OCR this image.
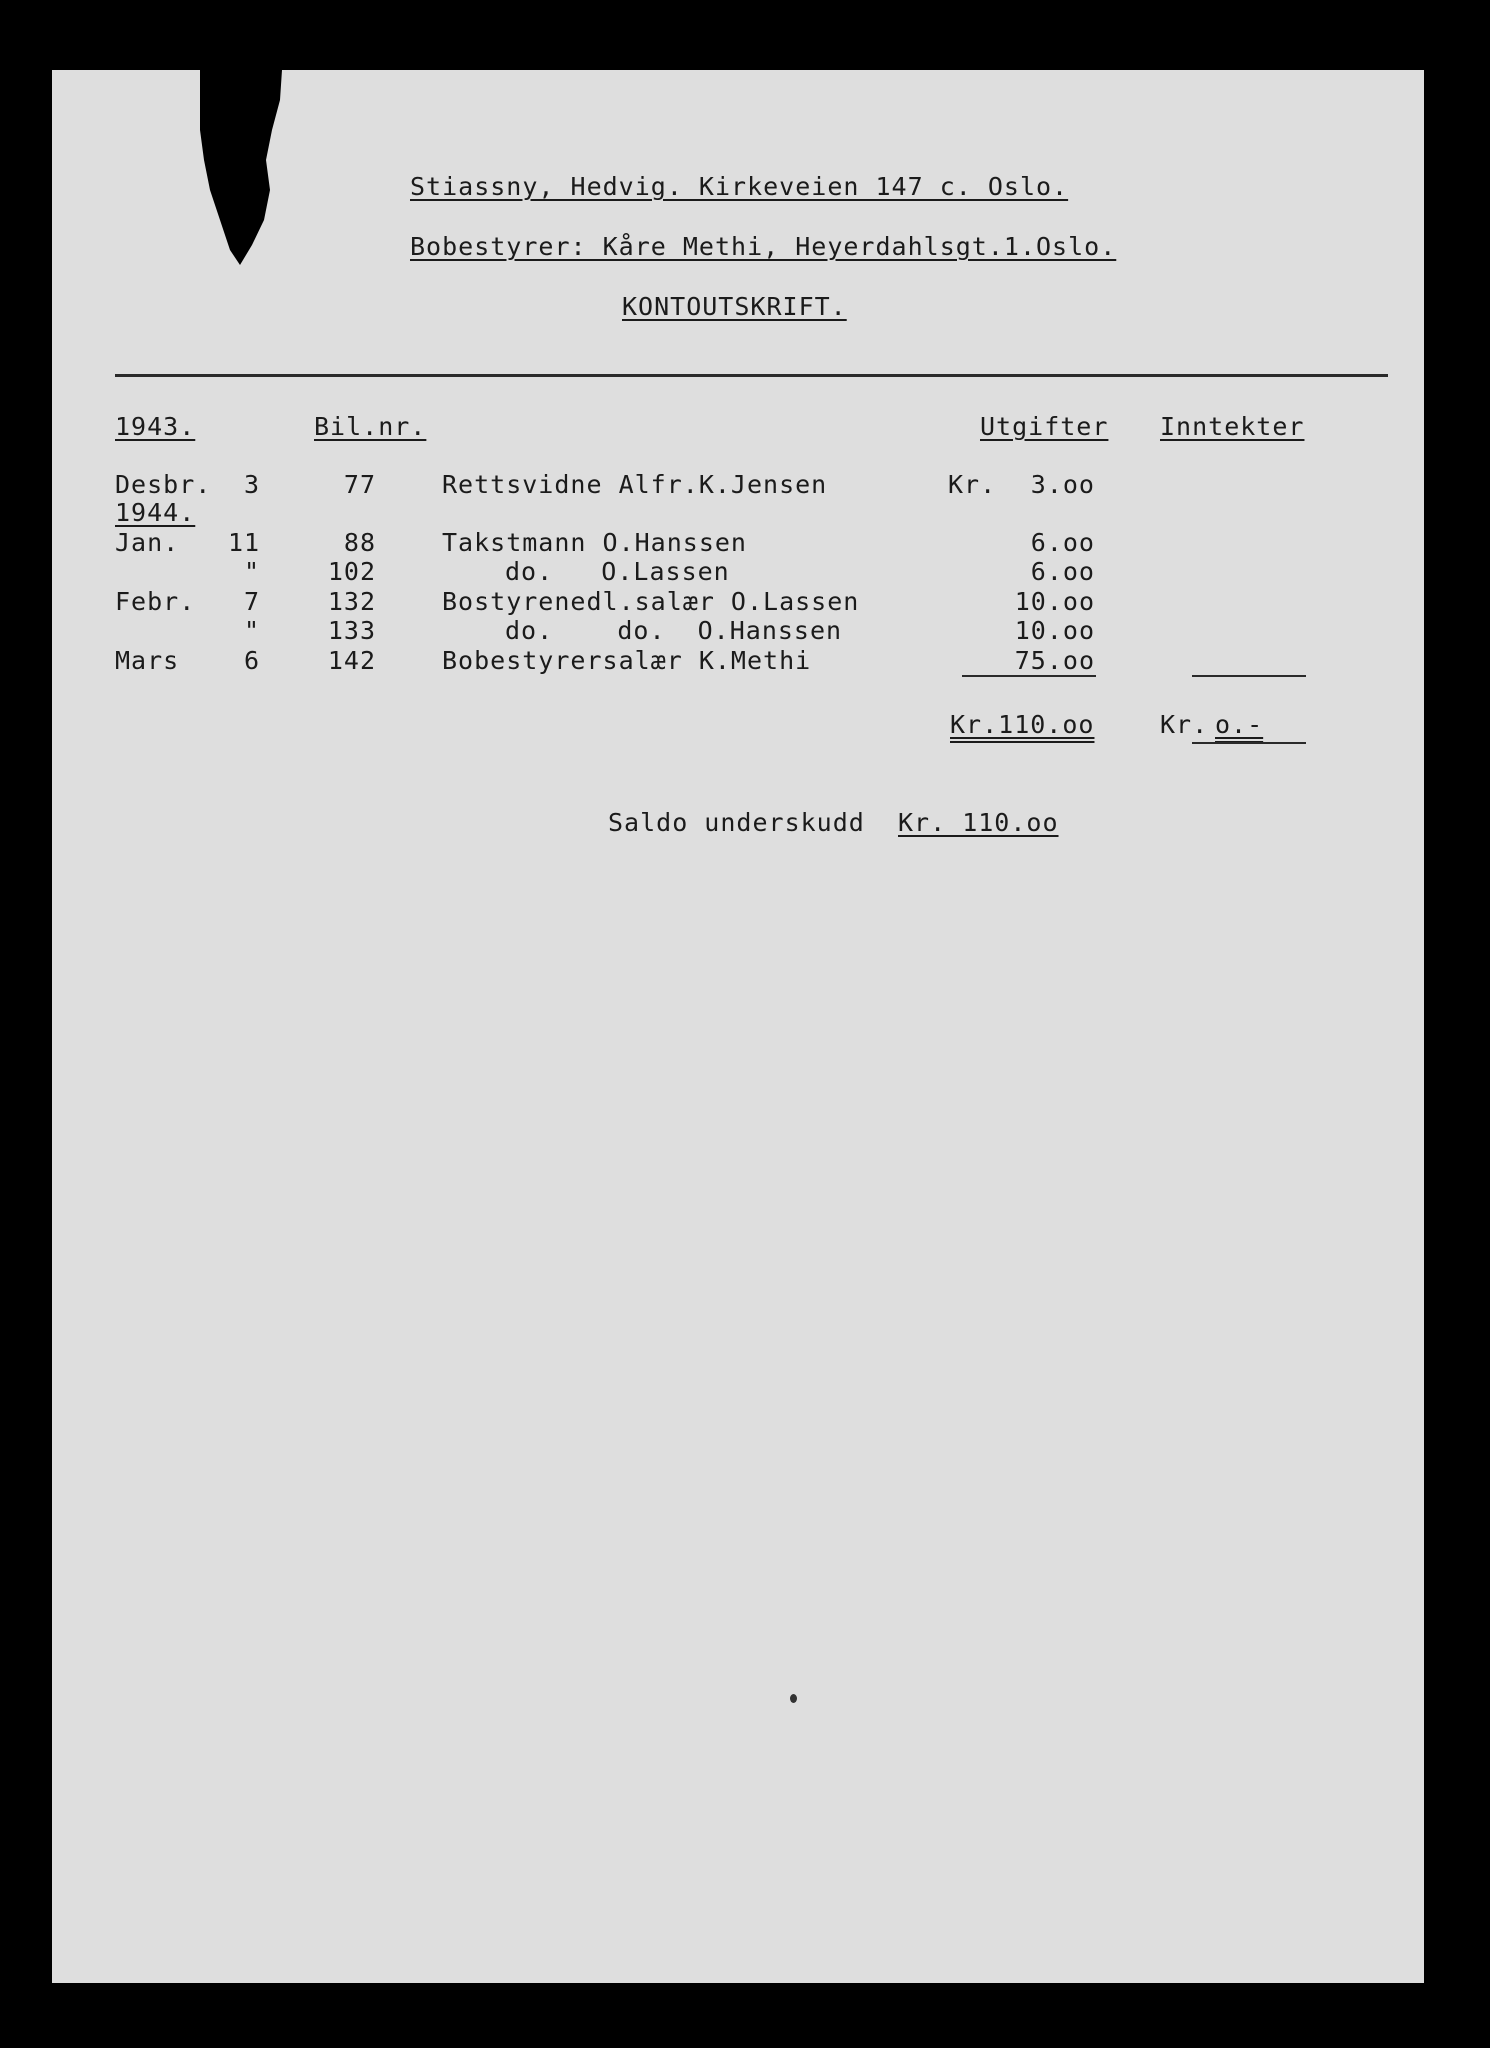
Stiassny, Hedvig. Kirkeveien 147 c. Oslo.
Bobestyrer: Kåre Methi, Heyerdahlsgt.1.Oslo.
KONTOUTSKRIFT.
1943.	Bil.nr.	Utgifter Inntekter
Desbr. 3	77	Rettsvidne Alfr.K.Jensen	Kr.	3.oo
1944.
Jan. 11	88	Takstmann O.Hanssen	6.oo
"	102	do.   O.Lassen	6.oo
Febr. 7	132	Bostyrenedl.salær O.Lassen	10.oo
"	133	do.    do.  O.Hanssen	10.oo
Mars	6	142	Bobestyrersalær K.Methi	75.oo
Kr.110.oo	Kr. o.-
Saldo underskudd Kr. 110.oo
